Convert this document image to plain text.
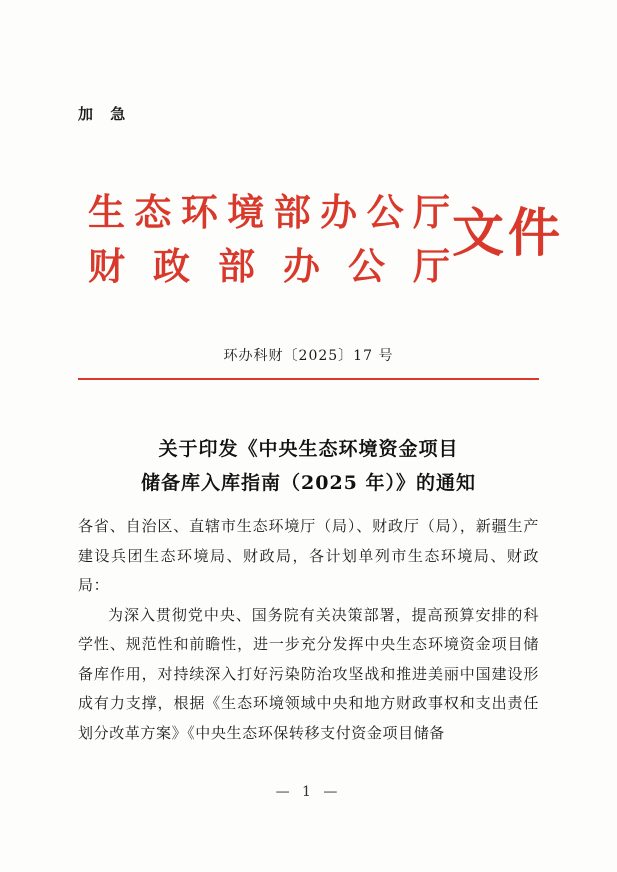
加 急
生态环境部办公厅
财政部办公厅
文件
环办科财〔2025〕17 号
关于印发《中央生态环境资金项目
储备库入库指南（2025 年）》的通知

各省、自治区、直辖市生态环境厅（局）、财政厅（局），新疆生产建设兵团生态环境局、财政局，各计划单列市生态环境局、财政局：

为深入贯彻党中央、国务院有关决策部署，提高预算安排的科学性、规范性和前瞻性，进一步充分发挥中央生态环境资金项目储备库作用，对持续深入打好污染防治攻坚战和推进美丽中国建设形成有力支撑，根据《生态环境领域中央和地方财政事权和支出责任划分改革方案》《中央生态环保转移支付资金项目储备

— 1 —
